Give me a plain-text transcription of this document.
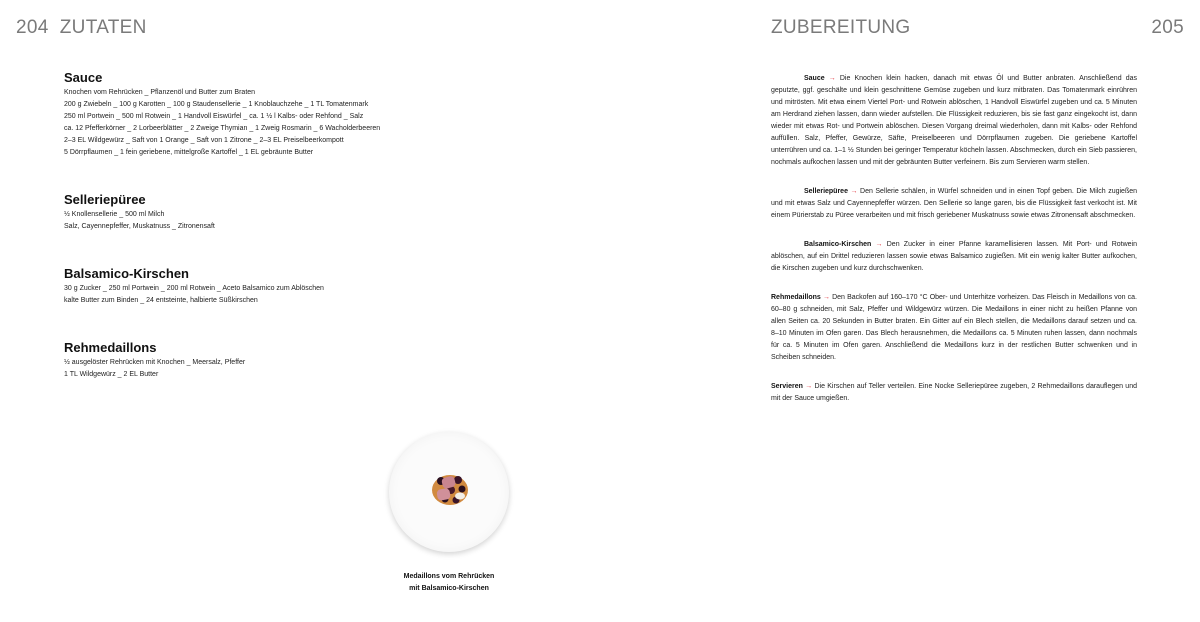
204 ZUTATEN	ZUBEREITUNG	205
Sauce
Knochen vom Rehrücken _ Pflanzenöl und Butter zum Braten
200 g Zwiebeln _ 100 g Karotten _ 100 g Staudensellerie _ 1 Knoblauchzehe _ 1 TL Tomatenmark
250 ml Portwein _ 500 ml Rotwein _ 1 Handvoll Eiswürfel _ ca. 1 ½ l Kalbs- oder Rehfond _ Salz
ca. 12 Pfefferkörner _ 2 Lorbeerblätter _ 2 Zweige Thymian _ 1 Zweig Rosmarin _ 6 Wacholderbeeren
2–3 EL Wildgewürz _ Saft von 1 Orange _ Saft von 1 Zitrone _ 2–3 EL Preiselbeerkompott
5 Dörrpflaumen _ 1 fein geriebene, mittelgroße Kartoffel _ 1 EL gebräunte Butter
Selleriepüree
½ Knollensellerie _ 500 ml Milch
Salz, Cayennepfeffer, Muskatnuss _ Zitronensaft
Balsamico-Kirschen
30 g Zucker _ 250 ml Portwein _ 200 ml Rotwein _ Aceto Balsamico zum Ablöschen
kalte Butter zum Binden _ 24 entsteinte, halbierte Süßkirschen
Rehmedaillons
½ ausgelöster Rehrücken mit Knochen _ Meersalz, Pfeffer
1 TL Wildgewürz _ 2 EL Butter
Medaillons vom Rehrücken
mit Balsamico-Kirschen

Sauce → Die Knochen klein hacken, danach mit etwas Öl und Butter anbraten. Anschließend das geputzte, ggf. geschälte und klein geschnittene Gemüse zugeben und kurz mitbraten. Das Tomatenmark einrühren und mitrösten. Mit etwa einem Viertel Port- und Rotwein ablöschen, 1 Handvoll Eiswürfel zugeben und ca. 5 Minuten am Herdrand ziehen lassen, dann wieder aufstellen. Die Flüssigkeit reduzieren, bis sie fast ganz eingekocht ist, dann wieder mit etwas Rot- und Portwein ablöschen. Diesen Vorgang dreimal wiederholen, dann mit Kalbs- oder Rehfond auffüllen. Salz, Pfeffer, Gewürze, Säfte, Preiselbeeren und Dörrpflaumen zugeben. Die geriebene Kartoffel unterrühren und ca. 1–1 ½ Stunden bei geringer Temperatur köcheln lassen. Abschmecken, durch ein Sieb passieren, nochmals aufkochen lassen und mit der gebräunten Butter verfeinern. Bis zum Servieren warm stellen.

Selleriepüree → Den Sellerie schälen, in Würfel schneiden und in einen Topf geben. Die Milch zugießen und mit etwas Salz und Cayennepfeffer würzen. Den Sellerie so lange garen, bis die Flüssigkeit fast verkocht ist. Mit einem Pürierstab zu Püree verarbeiten und mit frisch geriebener Muskatnuss sowie etwas Zitronensaft abschmecken.

Balsamico-Kirschen → Den Zucker in einer Pfanne karamellisieren lassen. Mit Port- und Rotwein ablöschen, auf ein Drittel reduzieren lassen sowie etwas Balsamico zugießen. Mit ein wenig kalter Butter aufkochen, die Kirschen zugeben und kurz durchschwenken.

Rehmedaillons → Den Backofen auf 160–170 °C Ober- und Unterhitze vorheizen. Das Fleisch in Medaillons von ca. 60–80 g schneiden, mit Salz, Pfeffer und Wildgewürz würzen. Die Medaillons in einer nicht zu heißen Pfanne von allen Seiten ca. 20 Sekunden in Butter braten. Ein Gitter auf ein Blech stellen, die Medaillons darauf setzen und ca. 8–10 Minuten im Ofen garen. Das Blech herausnehmen, die Medaillons ca. 5 Minuten ruhen lassen, dann nochmals für ca. 5 Minuten im Ofen garen. Anschließend die Medaillons kurz in der restlichen Butter schwenken und in Scheiben schneiden.

Servieren → Die Kirschen auf Teller verteilen. Eine Nocke Selleriepüree zugeben, 2 Rehmedaillons darauflegen und mit der Sauce umgießen.
